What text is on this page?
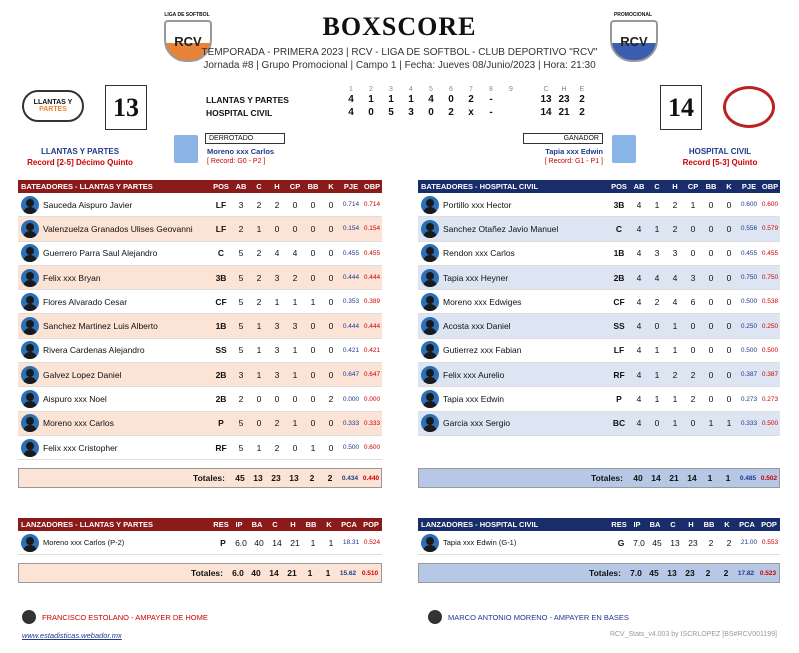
LIGA DE SOFTBOL
RCV
PROMOCIONAL
RCV
BOXSCORE
TEMPORADA - PRIMERA 2023 | RCV - LIGA DE SOFTBOL - CLUB DEPORTIVO "RCV"
Jornada #8 | Grupo Promocional | Campo 1 | Fecha: Jueves 08/Junio/2023 | Hora: 21:30
LLANTAS Y
PARTES	13
LLANTAS Y PARTES
Record [2-5] Décimo Quinto
DERROTADO
Moreno xxx Carlos
[ Record: G0 - P2 ]
1	2	3	4	5	6	7	8	9	C	H	E
LLANTAS Y PARTES	4	1	1	1	4	0	2	-	13 23 2
HOSPITAL CIVIL	4	0	5	3	0	2	x	-	14 21 2	14
HOSPITAL CIVIL
Record [5-3] Quinto
GANADOR
Tapia xxx Edwin
[ Record: G1 - P1 ]
BATEADORES - LLANTAS Y PARTES	POS AB	C	H	CP BB	K	PJE OBP
Sauceda Aispuro Javier	LF	3	2	2	0	0	0	0.714 0.714
Valenzuelza Granados Ulises Geovanni	LF	2	1	0	0	0	0	0.154 0.154
Guerrero Parra Saul Alejandro	C	5	2	4	4	0	0	0.455 0.455
Felix xxx Bryan	3B	5	2	3	2	0	0	0.444 0.444
Flores Alvarado Cesar	CF	5	2	1	1	1	0	0.353 0.389
Sanchez Martinez Luis Alberto	1B	5	1	3	3	0	0	0.444 0.444
Rivera Cardenas Alejandro	SS	5	1	3	1	0	0	0.421 0.421
Galvez Lopez Daniel	2B	3	1	3	1	0	0	0.647 0.647
Aispuro xxx Noel	2B	2	0	0	0	0	2	0.000 0.000
Moreno xxx Carlos	P	5	0	2	1	0	0	0.333 0.333
Felix xxx Cristopher	RF	5	1	2	0	1	0	0.500 0.600
Totales:	45	13	23	13	2	2	0.434 0.440
BATEADORES - HOSPITAL CIVIL	POS AB	C	H	CP BB	K	PJE OBP
Portillo xxx Hector	3B	4	1	2	1	0	0	0.600 0.600
Sanchez Otañez Javio Manuel	C	4	1	2	0	0	0	0.556 0.579
Rendon xxx Carlos	1B	4	3	3	0	0	0	0.455 0.455
Tapia xxx Heyner	2B	4	4	4	3	0	0	0.750 0.750
Moreno xxx Edwiges	CF	4	2	4	6	0	0	0.500 0.538
Acosta xxx Daniel	SS	4	0	1	0	0	0	0.250 0.250
Gutierrez xxx Fabian	LF	4	1	1	0	0	0	0.500 0.500
Felix xxx Aurelio	RF	4	1	2	2	0	0	0.387 0.387
Tapia xxx Edwin	P	4	1	1	2	0	0	0.273 0.273
Garcia xxx Sergio	BC	4	0	1	0	1	1	0.333 0.500
Totales:	40	14	21	14	1	1	0.485 0.502
LANZADORES - LLANTAS Y PARTES	RES IP	BA	C	H	BB	K	PCA POP
Moreno xxx Carlos (P-2)	P	6.0 40	14	21	1	1	18.31 0.524
Totales:	6.0 40	14	21	1	1	15.62 0.510
LANZADORES - HOSPITAL CIVIL	RES IP	BA	C	H	BB	K	PCA POP
Tapia xxx Edwin (G-1)	G	7.0 45	13	23	2	2	21.00 0.553
Totales:	7.0 45	13	23	2	2	17.82 0.523
FRANCISCO ESTOLANO - AMPAYER DE HOME	MARCO ANTONIO MORENO - AMPAYER EN BASES
www.estadisticas.webador.mx	RCV_Stats_v4.003 by ISCRLOPEZ [BS#RCV001199]
